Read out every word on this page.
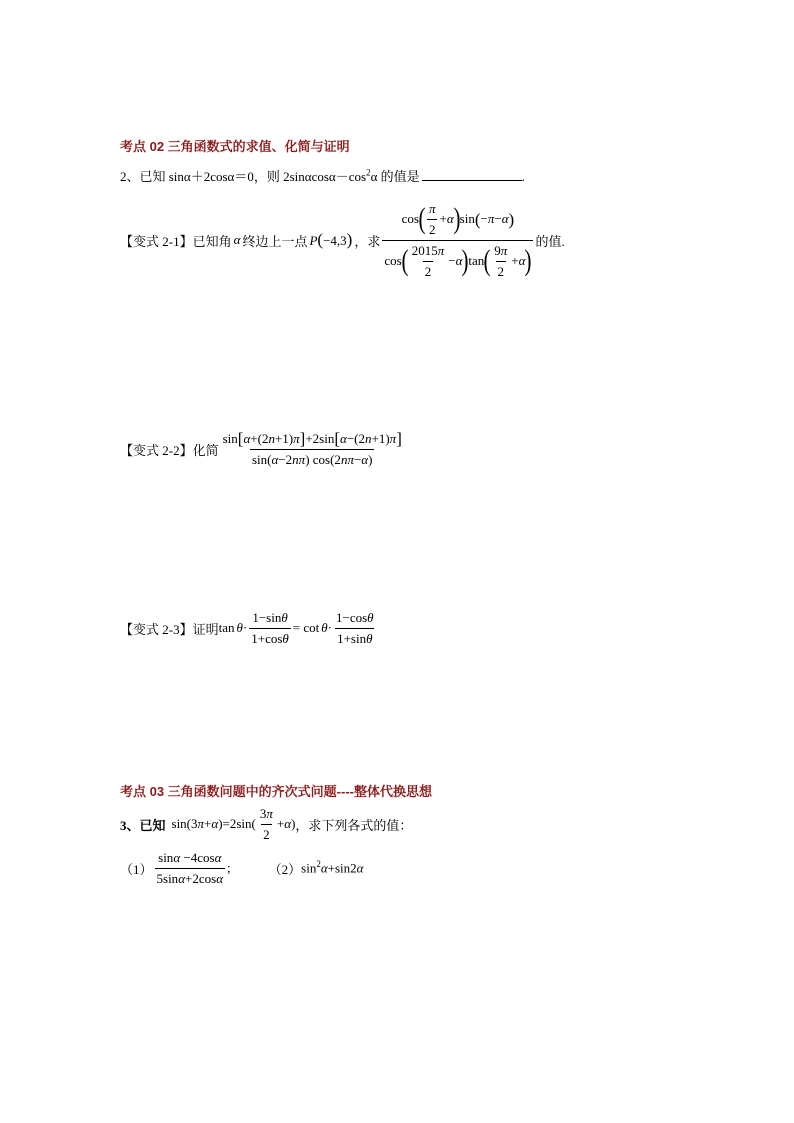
考点 02 三角函数式的求值、化简与证明
2、已知 sinα＋2cosα＝0，则 $2\sin\alpha\cos\alpha-\cos^2\alpha$ 的值是	.
【变式 2-1】 已知角 α 终边上一点 P(−4,3) ，求 $\frac{\cos ( \frac{\pi}{2} + \alpha ) \sin ( - \pi - \alpha )}{\cos ( \frac{2015 \pi}{2} - \alpha ) \tan ( \frac{9 \pi}{2} + \alpha )}$ 的值.
【变式 2-2】 化简 $\frac{\sin [ \alpha +(2 n +1) \pi ] +2\sin [ \alpha -(2 n +1) \pi ]}{\sin( \alpha -2 n\pi ) \cos(2 n\pi - \alpha )}$
【变式 2-3】 证明 $\tan \theta \cdot \frac{\text{1−sin θ}}{\text{1+cos θ}} = \cot \theta \cdot \frac{\text{1−cos θ}}{\text{1+sin θ}}$
考点 03 三角函数问题中的齐次式问题----整体代换思想
3、已知 sin(3 π + α )$=2\sin( \frac{3 \pi}{2} + \alpha$ ) ，求下列各式的值：
$(1) \frac{\text{sin α −4cos α}}{\text{5sin α +2cos α}}$ ;	（2） $\sin^2\alpha+\sin 2\alpha$
